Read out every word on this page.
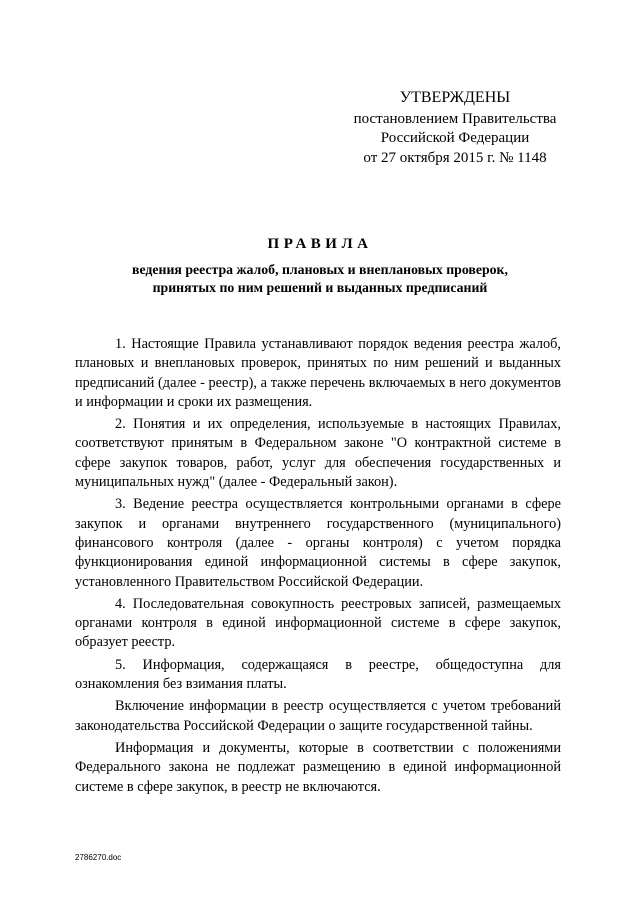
УТВЕРЖДЕНЫ
постановлением Правительства
Российской Федерации
от 27 октября 2015 г. № 1148
ПРАВИЛА
ведения реестра жалоб, плановых и внеплановых проверок,
принятых по ним решений и выданных предписаний

1. Настоящие Правила устанавливают порядок ведения реестра жалоб, плановых и внеплановых проверок, принятых по ним решений и выданных предписаний (далее - реестр), а также перечень включаемых в него документов и информации и сроки их размещения.

2. Понятия и их определения, используемые в настоящих Правилах, соответствуют принятым в Федеральном законе "О контрактной системе в сфере закупок товаров, работ, услуг для обеспечения государственных и муниципальных нужд" (далее - Федеральный закон).

3. Ведение реестра осуществляется контрольными органами в сфере закупок и органами внутреннего государственного (муниципального) финансового контроля (далее - органы контроля) с учетом порядка функционирования единой информационной системы в сфере закупок, установленного Правительством Российской Федерации.

4. Последовательная совокупность реестровых записей, размещаемых органами контроля в единой информационной системе в сфере закупок, образует реестр.

5. Информация, содержащаяся в реестре, общедоступна для ознакомления без взимания платы.

Включение информации в реестр осуществляется с учетом требований законодательства Российской Федерации о защите государственной тайны.

Информация и документы, которые в соответствии с положениями Федерального закона не подлежат размещению в единой информационной системе в сфере закупок, в реестр не включаются.

2786270.doc
